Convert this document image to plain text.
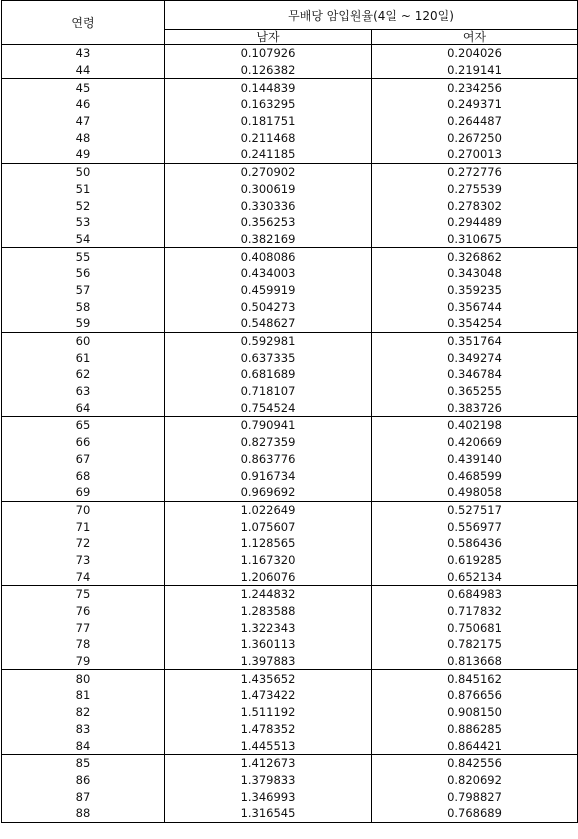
연령	무배당 암입원율(4일 ~ 120일)	
	남자	여자
43	0.107926	0.204026
44	0.126382	0.219141
45	0.144839	0.234256
46	0.163295	0.249371
47	0.181751	0.264487
48	0.211468	0.267250
49	0.241185	0.270013
50	0.270902	0.272776
51	0.300619	0.275539
52	0.330336	0.278302
53	0.356253	0.294489
54	0.382169	0.310675
55	0.408086	0.326862
56	0.434003	0.343048
57	0.459919	0.359235
58	0.504273	0.356744
59	0.548627	0.354254
60	0.592981	0.351764
61	0.637335	0.349274
62	0.681689	0.346784
63	0.718107	0.365255
64	0.754524	0.383726
65	0.790941	0.402198
66	0.827359	0.420669
67	0.863776	0.439140
68	0.916734	0.468599
69	0.969692	0.498058
70	1.022649	0.527517
71	1.075607	0.556977
72	1.128565	0.586436
73	1.167320	0.619285
74	1.206076	0.652134
75	1.244832	0.684983
76	1.283588	0.717832
77	1.322343	0.750681
78	1.360113	0.782175
79	1.397883	0.813668
80	1.435652	0.845162
81	1.473422	0.876656
82	1.511192	0.908150
83	1.478352	0.886285
84	1.445513	0.864421
85	1.412673	0.842556
86	1.379833	0.820692
87	1.346993	0.798827
88	1.316545	0.768689
